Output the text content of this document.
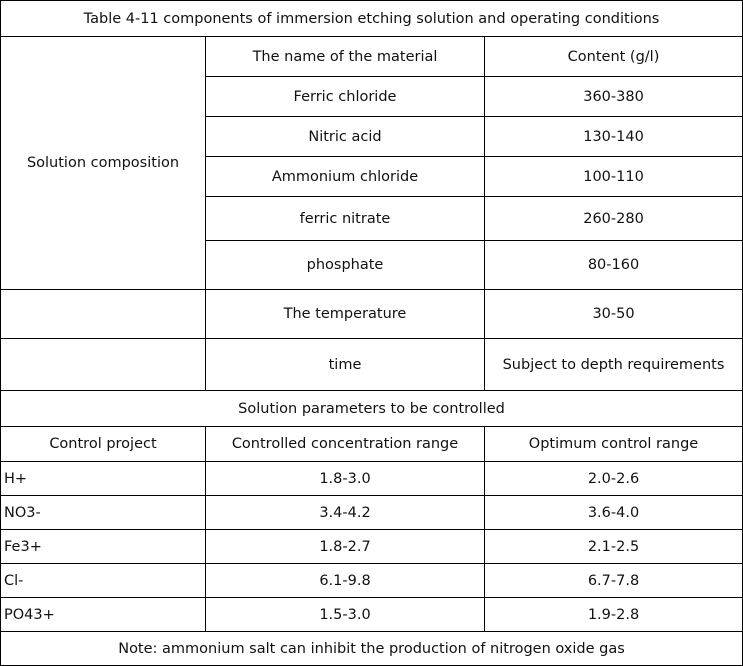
Table 4-11 components of immersion etching solution and operating conditions		
Solution composition	The name of the material	Content (g/l)
	Ferric chloride	360-380
	Nitric acid	130-140
	Ammonium chloride	100-110
	ferric nitrate	260-280
	phosphate	80-160
	The temperature	30-50
	time	Subject to depth requirements
Solution parameters to be controlled		
Control project	Controlled concentration range	Optimum control range
H+	1.8-3.0	2.0-2.6
NO3-	3.4-4.2	3.6-4.0
Fe3+	1.8-2.7	2.1-2.5
Cl-	6.1-9.8	6.7-7.8
PO43+	1.5-3.0	1.9-2.8
Note: ammonium salt can inhibit the production of nitrogen oxide gas		
